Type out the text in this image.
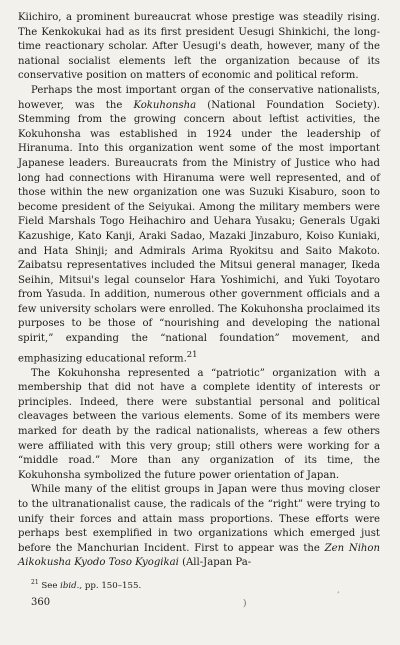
Kiichiro, a prominent bureaucrat whose prestige was steadily rising. The Kenkokukai had as its first president Uesugi Shinkichi, the long-time reactionary scholar. After Uesugi's death, however, many of the national socialist elements left the organization because of its conservative position on matters of economic and political reform.

Perhaps the most important organ of the conservative nationalists, however, was the Kokuhonsha (National Foundation Society). Stemming from the growing concern about leftist activities, the Kokuhonsha was established in 1924 under the leadership of Hiranuma. Into this organization went some of the most important Japanese leaders. Bureaucrats from the Ministry of Justice who had long had connections with Hiranuma were well represented, and of those within the new organization one was Suzuki Kisaburo, soon to become president of the Seiyukai. Among the military members were Field Marshals Togo Heihachiro and Uehara Yusaku; Generals Ugaki Kazushige, Kato Kanji, Araki Sadao, Mazaki Jinzaburo, Koiso Kuniaki, and Hata Shinji; and Admirals Arima Ryokitsu and Saito Makoto. Zaibatsu representatives included the Mitsui general manager, Ikeda Seihin, Mitsui's legal counselor Hara Yoshimichi, and Yuki Toyotaro from Yasuda. In addition, numerous other government officials and a few university scholars were enrolled. The Kokuhonsha proclaimed its purposes to be those of “nourishing and developing the national spirit,” expanding the “national foundation” movement, and emphasizing educational reform.$^{21}$

The Kokuhonsha represented a “patriotic” organization with a membership that did not have a complete identity of interests or principles. Indeed, there were substantial personal and political cleavages between the various elements. Some of its members were marked for death by the radical nationalists, whereas a few others were affiliated with this very group; still others were working for a “middle road.” More than any organization of its time, the Kokuhonsha symbolized the future power orientation of Japan.

While many of the elitist groups in Japan were thus moving closer to the ultranationalist cause, the radicals of the “right” were trying to unify their forces and attain mass proportions. These efforts were perhaps best exemplified in two organizations which emerged just before the Manchurian Incident. First to appear was the Zen Nihon Aikokusha Kyodo Toso Kyogikai (All-Japan Pa-

$^{21}$ See ibid., pp. 150–155.
360	)
’
